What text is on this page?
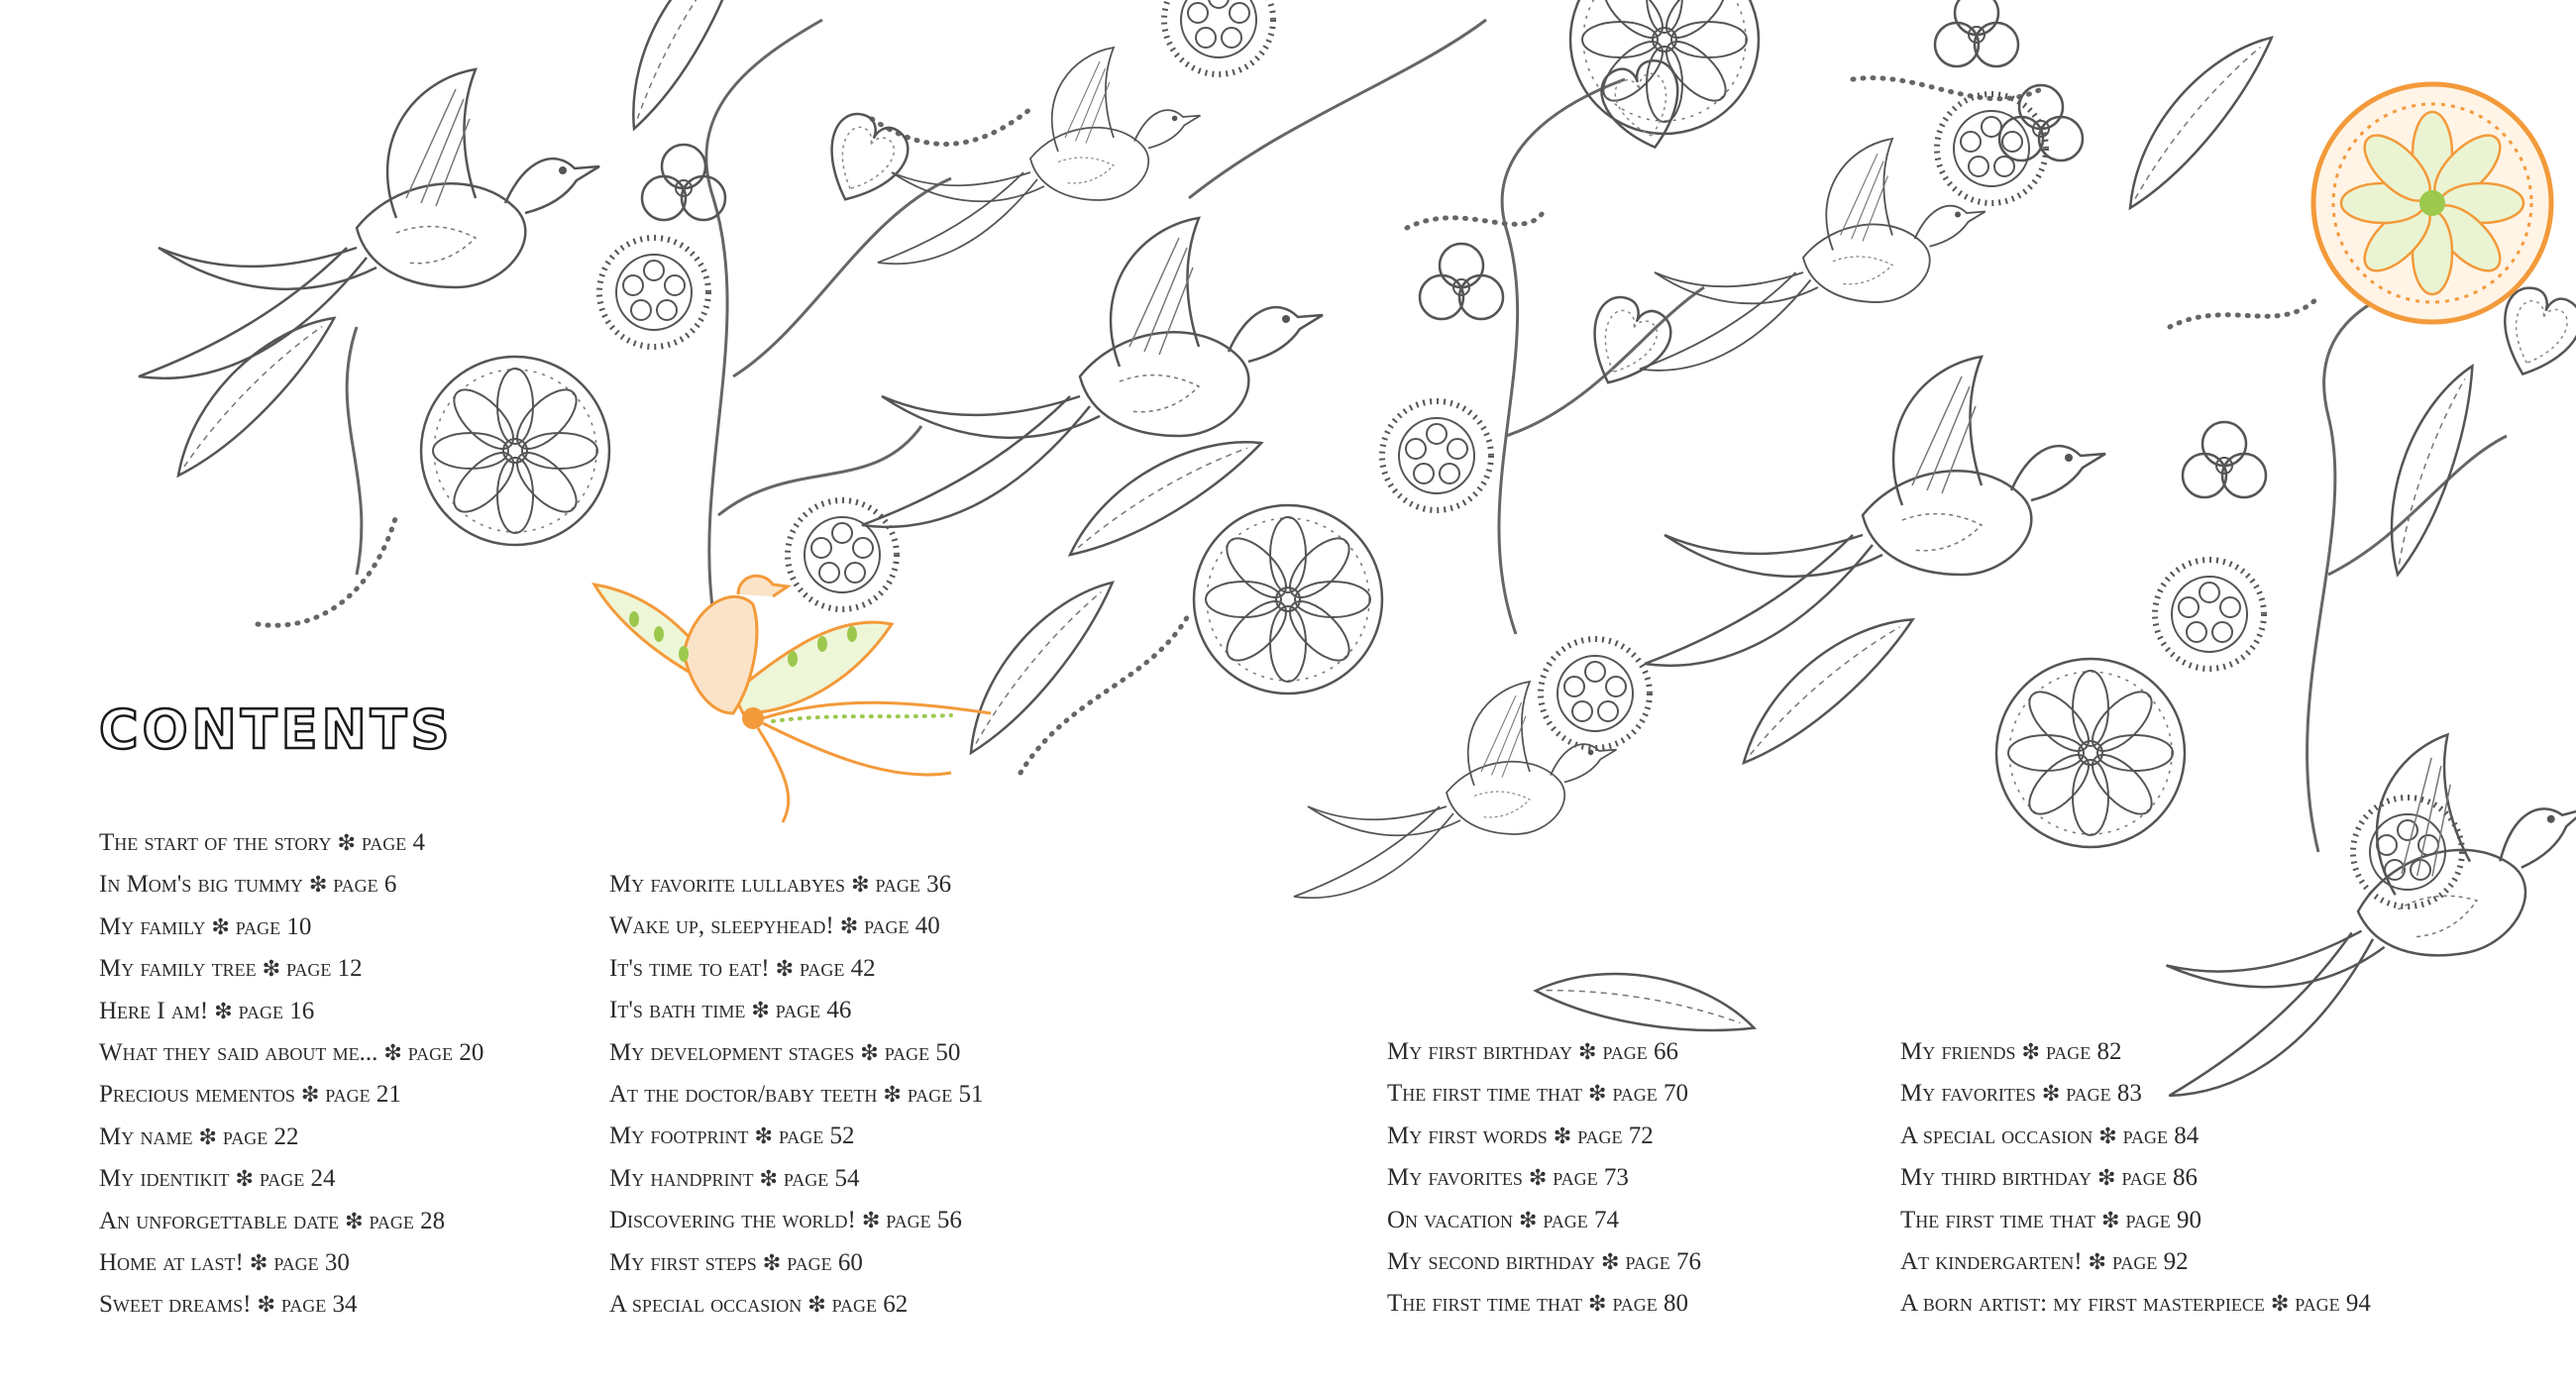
CONTENTS
The start of the story ❇ page 4
In Mom's big tummy ❇ page 6
My family ❇ page 10
My family tree ❇ page 12
Here I am! ❇ page 16
What they said about me... ❇ page 20
Precious mementos ❇ page 21
My name ❇ page 22
My identikit ❇ page 24
An unforgettable date ❇ page 28
Home at last! ❇ page 30
Sweet dreams! ❇ page 34
My favorite lullabyes ❇ page 36
Wake up, sleepyhead! ❇ page 40
It's time to eat! ❇ page 42
It's bath time ❇ page 46
My development stages ❇ page 50
At the doctor/baby teeth ❇ page 51
My footprint ❇ page 52
My handprint ❇ page 54
Discovering the world! ❇ page 56
My first steps ❇ page 60
A special occasion ❇ page 62
My first birthday ❇ page 66
The first time that ❇ page 70
My first words ❇ page 72
My favorites ❇ page 73
On vacation ❇ page 74
My second birthday ❇ page 76
The first time that ❇ page 80
My friends ❇ page 82
My favorites ❇ page 83
A special occasion ❇ page 84
My third birthday ❇ page 86
The first time that ❇ page 90
At kindergarten! ❇ page 92
A born artist: my first masterpiece ❇ page 94
